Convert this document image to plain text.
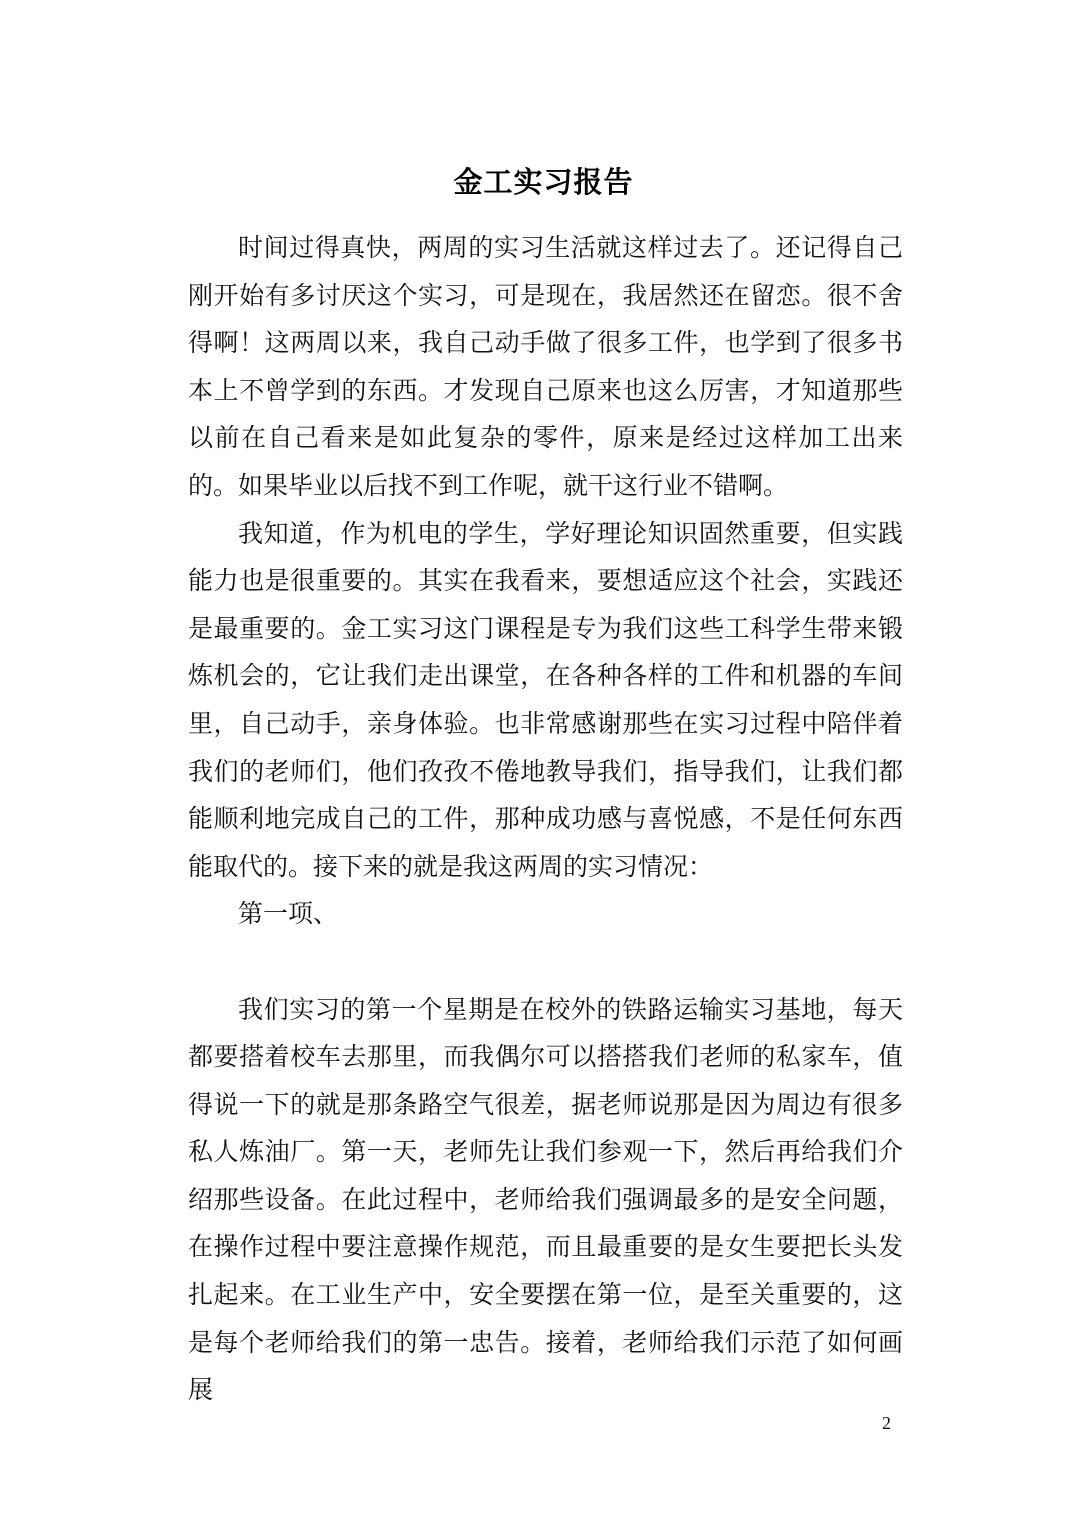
金工实习报告

时间过得真快，两周的实习生活就这样过去了。还记得自己刚开始有多讨厌这个实习，可是现在，我居然还在留恋。很不舍得啊！这两周以来，我自己动手做了很多工件，也学到了很多书本上不曾学到的东西。才发现自己原来也这么厉害，才知道那些以前在自己看来是如此复杂的零件，原来是经过这样加工出来的。如果毕业以后找不到工作呢，就干这行业不错啊。

我知道，作为机电的学生，学好理论知识固然重要，但实践能力也是很重要的。其实在我看来，要想适应这个社会，实践还是最重要的。金工实习这门课程是专为我们这些工科学生带来锻炼机会的，它让我们走出课堂，在各种各样的工件和机器的车间里，自己动手，亲身体验。也非常感谢那些在实习过程中陪伴着我们的老师们，他们孜孜不倦地教导我们，指导我们，让我们都能顺利地完成自己的工件，那种成功感与喜悦感，不是任何东西能取代的。接下来的就是我这两周的实习情况：

第一项、

我们实习的第一个星期是在校外的铁路运输实习基地，每天都要搭着校车去那里，而我偶尔可以搭搭我们老师的私家车，值得说一下的就是那条路空气很差，据老师说那是因为周边有很多私人炼油厂。第一天，老师先让我们参观一下，然后再给我们介绍那些设备。在此过程中，老师给我们强调最多的是安全问题，在操作过程中要注意操作规范，而且最重要的是女生要把长头发扎起来。在工业生产中，安全要摆在第一位，是至关重要的，这是每个老师给我们的第一忠告。接着，老师给我们示范了如何画展

2
